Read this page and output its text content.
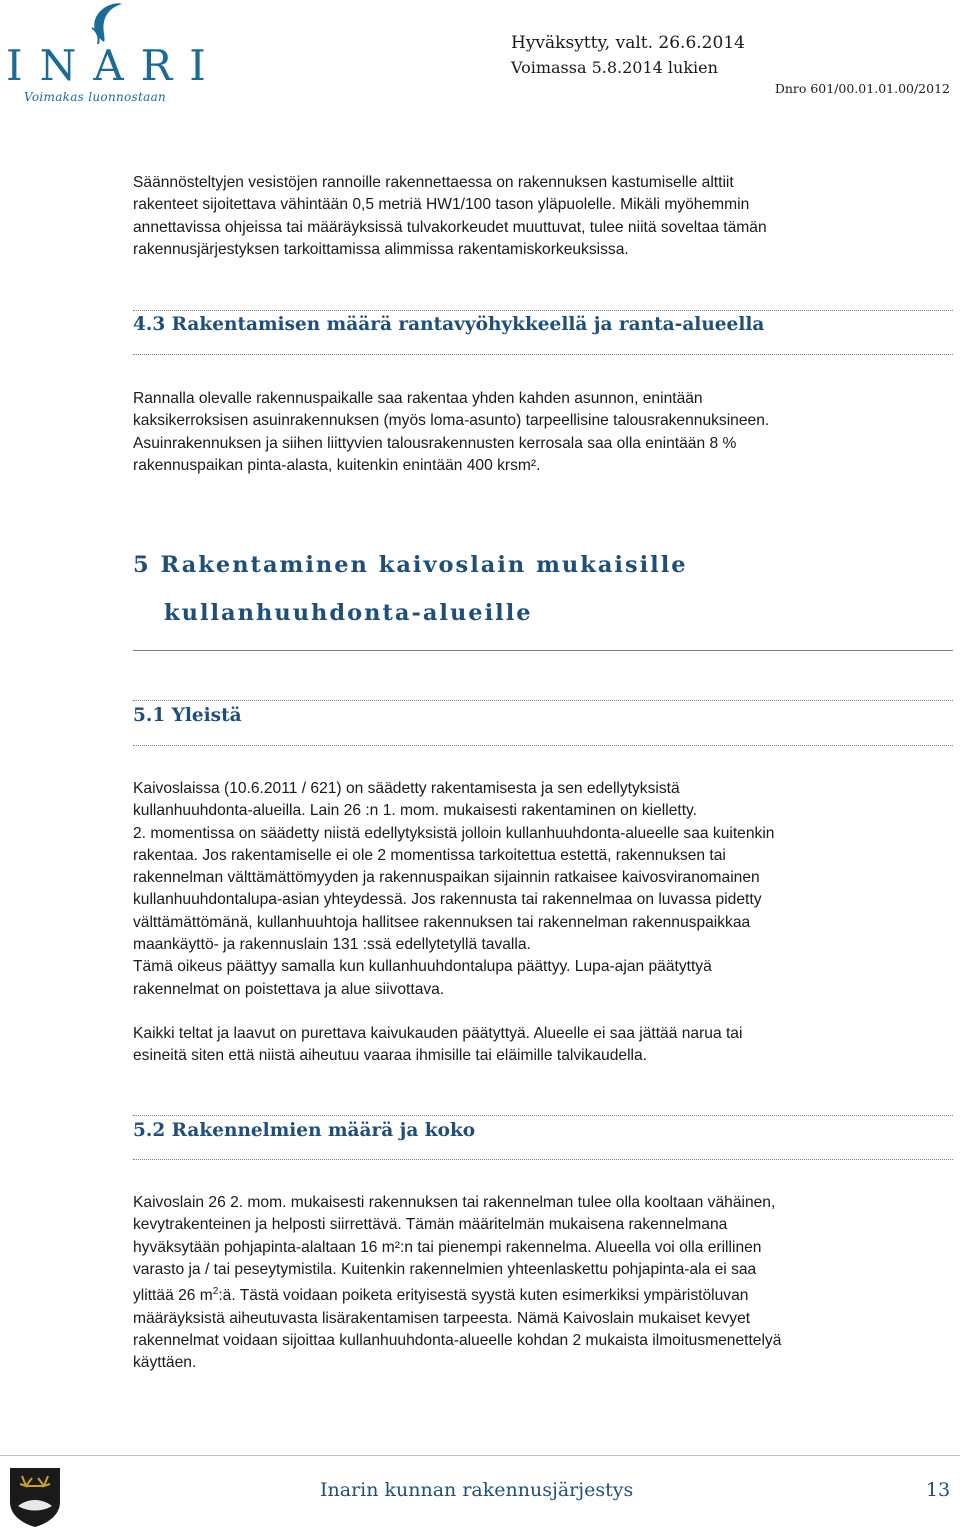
INARI
Voimakas luonnostaan
Hyväksytty, valt. 26.6.2014
Voimassa 5.8.2014 lukien
Dnro 601/00.01.01.00/2012

Säännösteltyjen vesistöjen rannoille rakennettaessa on rakennuksen kastumiselle alttiit

rakenteet sijoitettava vähintään 0,5 metriä HW1/100 tason yläpuolelle. Mikäli myöhemmin

annettavissa ohjeissa tai määräyksissä tulvakorkeudet muuttuvat, tulee niitä soveltaa tämän

rakennusjärjestyksen tarkoittamissa alimmissa rakentamiskorkeuksissa.

4.3 Rakentamisen määrä rantavyöhykkeellä ja ranta-alueella

Rannalla olevalle rakennuspaikalle saa rakentaa yhden kahden asunnon, enintään

kaksikerroksisen asuinrakennuksen (myös loma-asunto) tarpeellisine talousrakennuksineen.

Asuinrakennuksen ja siihen liittyvien talousrakennusten kerrosala saa olla enintään 8 %

rakennuspaikan pinta-alasta, kuitenkin enintään 400 krsm².

5 Rakentaminen kaivoslain mukaisille
kullanhuuhdonta-alueille
5.1 Yleistä

Kaivoslaissa (10.6.2011 / 621) on säädetty rakentamisesta ja sen edellytyksistä

kullanhuuhdonta-alueilla. Lain 26 :n 1. mom. mukaisesti rakentaminen on kielletty.

2. momentissa on säädetty niistä edellytyksistä jolloin kullanhuuhdonta-alueelle saa kuitenkin

rakentaa. Jos rakentamiselle ei ole 2 momentissa tarkoitettua estettä, rakennuksen tai

rakennelman välttämättömyyden ja rakennuspaikan sijainnin ratkaisee kaivosviranomainen

kullanhuuhdontalupa-asian yhteydessä. Jos rakennusta tai rakennelmaa on luvassa pidetty

välttämättömänä, kullanhuuhtoja hallitsee rakennuksen tai rakennelman rakennuspaikkaa

maankäyttö- ja rakennuslain 131 :ssä edellytetyllä tavalla.

Tämä oikeus päättyy samalla kun kullanhuuhdontalupa päättyy. Lupa-ajan päätyttyä

rakennelmat on poistettava ja alue siivottava.

Kaikki teltat ja laavut on purettava kaivukauden päätyttyä. Alueelle ei saa jättää narua tai

esineitä siten että niistä aiheutuu vaaraa ihmisille tai eläimille talvikaudella.

5.2 Rakennelmien määrä ja koko

Kaivoslain 26 2. mom. mukaisesti rakennuksen tai rakennelman tulee olla kooltaan vähäinen,

kevytrakenteinen ja helposti siirrettävä. Tämän määritelmän mukaisena rakennelmana

hyväksytään pohjapinta-alaltaan 16 m²:n tai pienempi rakennelma. Alueella voi olla erillinen

varasto ja / tai peseytymistila. Kuitenkin rakennelmien yhteenlaskettu pohjapinta-ala ei saa

ylittää 26 $m^2:ä$. Tästä voidaan poiketa erityisestä syystä kuten esimerkiksi ympäristöluvan

määräyksistä aiheutuvasta lisärakentamisen tarpeesta. Nämä Kaivoslain mukaiset kevyet

rakennelmat voidaan sijoittaa kullanhuuhdonta-alueelle kohdan 2 mukaista ilmoitusmenettelyä

käyttäen.

Inarin kunnan rakennusjärjestys	13
